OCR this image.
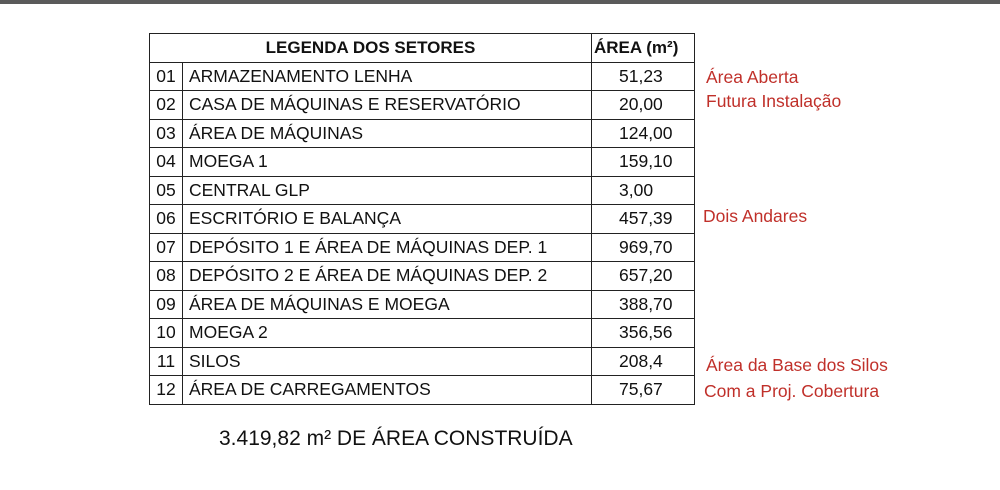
LEGENDA DOS SETORES		ÁREA (m²)
01	ARMAZENAMENTO LENHA	51,23
02	CASA DE MÁQUINAS E RESERVATÓRIO	20,00
03	ÁREA DE MÁQUINAS	124,00
04	MOEGA 1	159,10
05	CENTRAL GLP	3,00
06	ESCRITÓRIO E BALANÇA	457,39
07	DEPÓSITO 1 E ÁREA DE MÁQUINAS DEP. 1	969,70
08	DEPÓSITO 2 E ÁREA DE MÁQUINAS DEP. 2	657,20
09	ÁREA DE MÁQUINAS E MOEGA	388,70
10	MOEGA 2	356,56
11	SILOS	208,4
12	ÁREA DE CARREGAMENTOS	75,67
Área Aberta
Futura Instalação
Dois Andares
Área da Base dos Silos
Com a Proj. Cobertura
3.419,82 m² DE ÁREA CONSTRUÍDA
